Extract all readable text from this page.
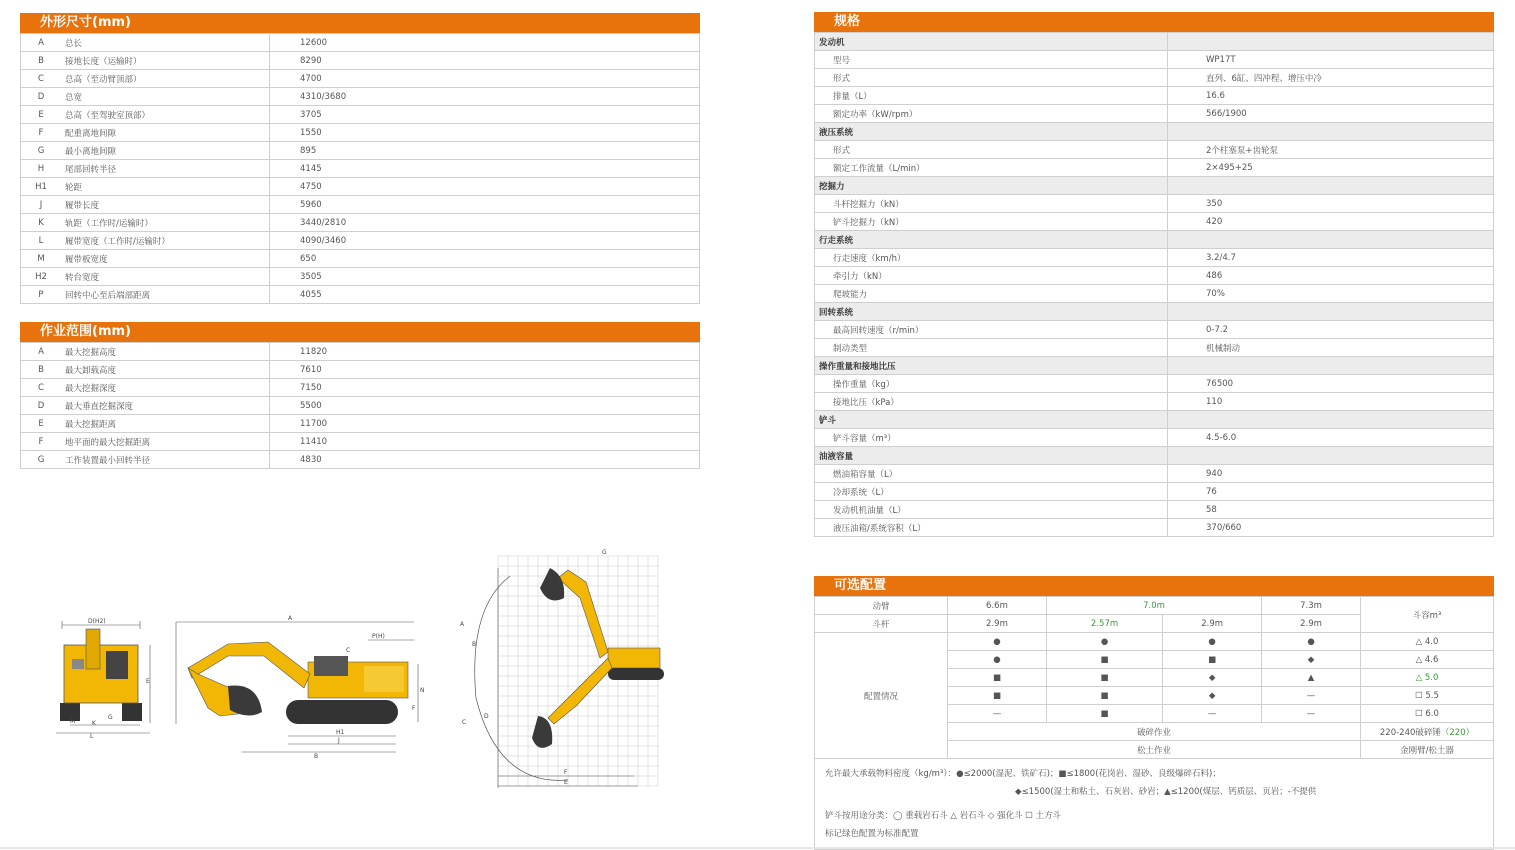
外形尺寸(mm)
A	总长	12600
B	接地长度（运输时）	8290
C	总高（至动臂顶部）	4700
D	总宽	4310/3680
E	总高（至驾驶室顶部）	3705
F	配重离地间隙	1550
G	最小离地间隙	895
H	尾部回转半径	4145
H1	轮距	4750
J	履带长度	5960
K	轨距（工作时/运输时）	3440/2810
L	履带宽度（工作时/运输时）	4090/3460
M	履带板宽度	650
H2	转台宽度	3505
P	回转中心至后端部距离	4055
作业范围(mm)
A	最大挖掘高度	11820
B	最大卸载高度	7610
C	最大挖掘深度	7150
D	最大垂直挖掘深度	5500
E	最大挖掘距离	11700
F	地平面的最大挖掘距离	11410
G	工作装置最小回转半径	4830
规格
发动机	
型号	WP17T
形式	直列、6缸、四冲程、增压中冷
排量（L）	16.6
额定功率（kW/rpm）	566/1900
液压系统	
形式	2个柱塞泵+齿轮泵
额定工作流量（L/min）	2×495+25
挖掘力	
斗杆挖掘力（kN）	350
铲斗挖掘力（kN）	420
行走系统	
行走速度（km/h）	3.2/4.7
牵引力（kN）	486
爬坡能力	70%
回转系统	
最高回转速度（r/min）	0-7.2
制动类型	机械制动
操作重量和接地比压	
操作重量（kg）	76500
接地比压（kPa）	110
铲斗	
铲斗容量（m³）	4.5-6.0
油液容量	
燃油箱容量（L）	940
冷却系统（L）	76
发动机机油量（L）	58
液压油箱/系统容积（L）	370/660
可选配置
动臂	6.6m	7.0m		7.3m	斗容m³
斗杆	2.9m	2.57m	2.9m	2.9m	
配置情况	●	●	●	●	△ 4.0
	●	■	■	◆	△ 4.6
	■	■	◆	▲	△ 5.0
	■	■	◆	—	☐ 5.5
	—	■	—	—	☐ 6.0
	破碎作业				220-240破碎锤（220）
	松土作业				金刚臂/松土器
允许最大承载物料密度（kg/m³）：●≤2000(湿泥、铁矿石)；■≤1800(花岗岩、湿砂、良级爆碎石料)；
◆≤1500(湿土和粘土、石灰岩、砂岩；▲≤1200(煤层、钙质层、页岩；-不提供
铲斗按用途分类：◯ 重载岩石斗 △ 岩石斗 ◇ 强化斗 ☐ 土方斗
标记绿色配置为标准配置
D(H2)
E
G
M	K
L
A
P(H)
C
F
N
H1
J
B
G
A
B
C
D
F
E
